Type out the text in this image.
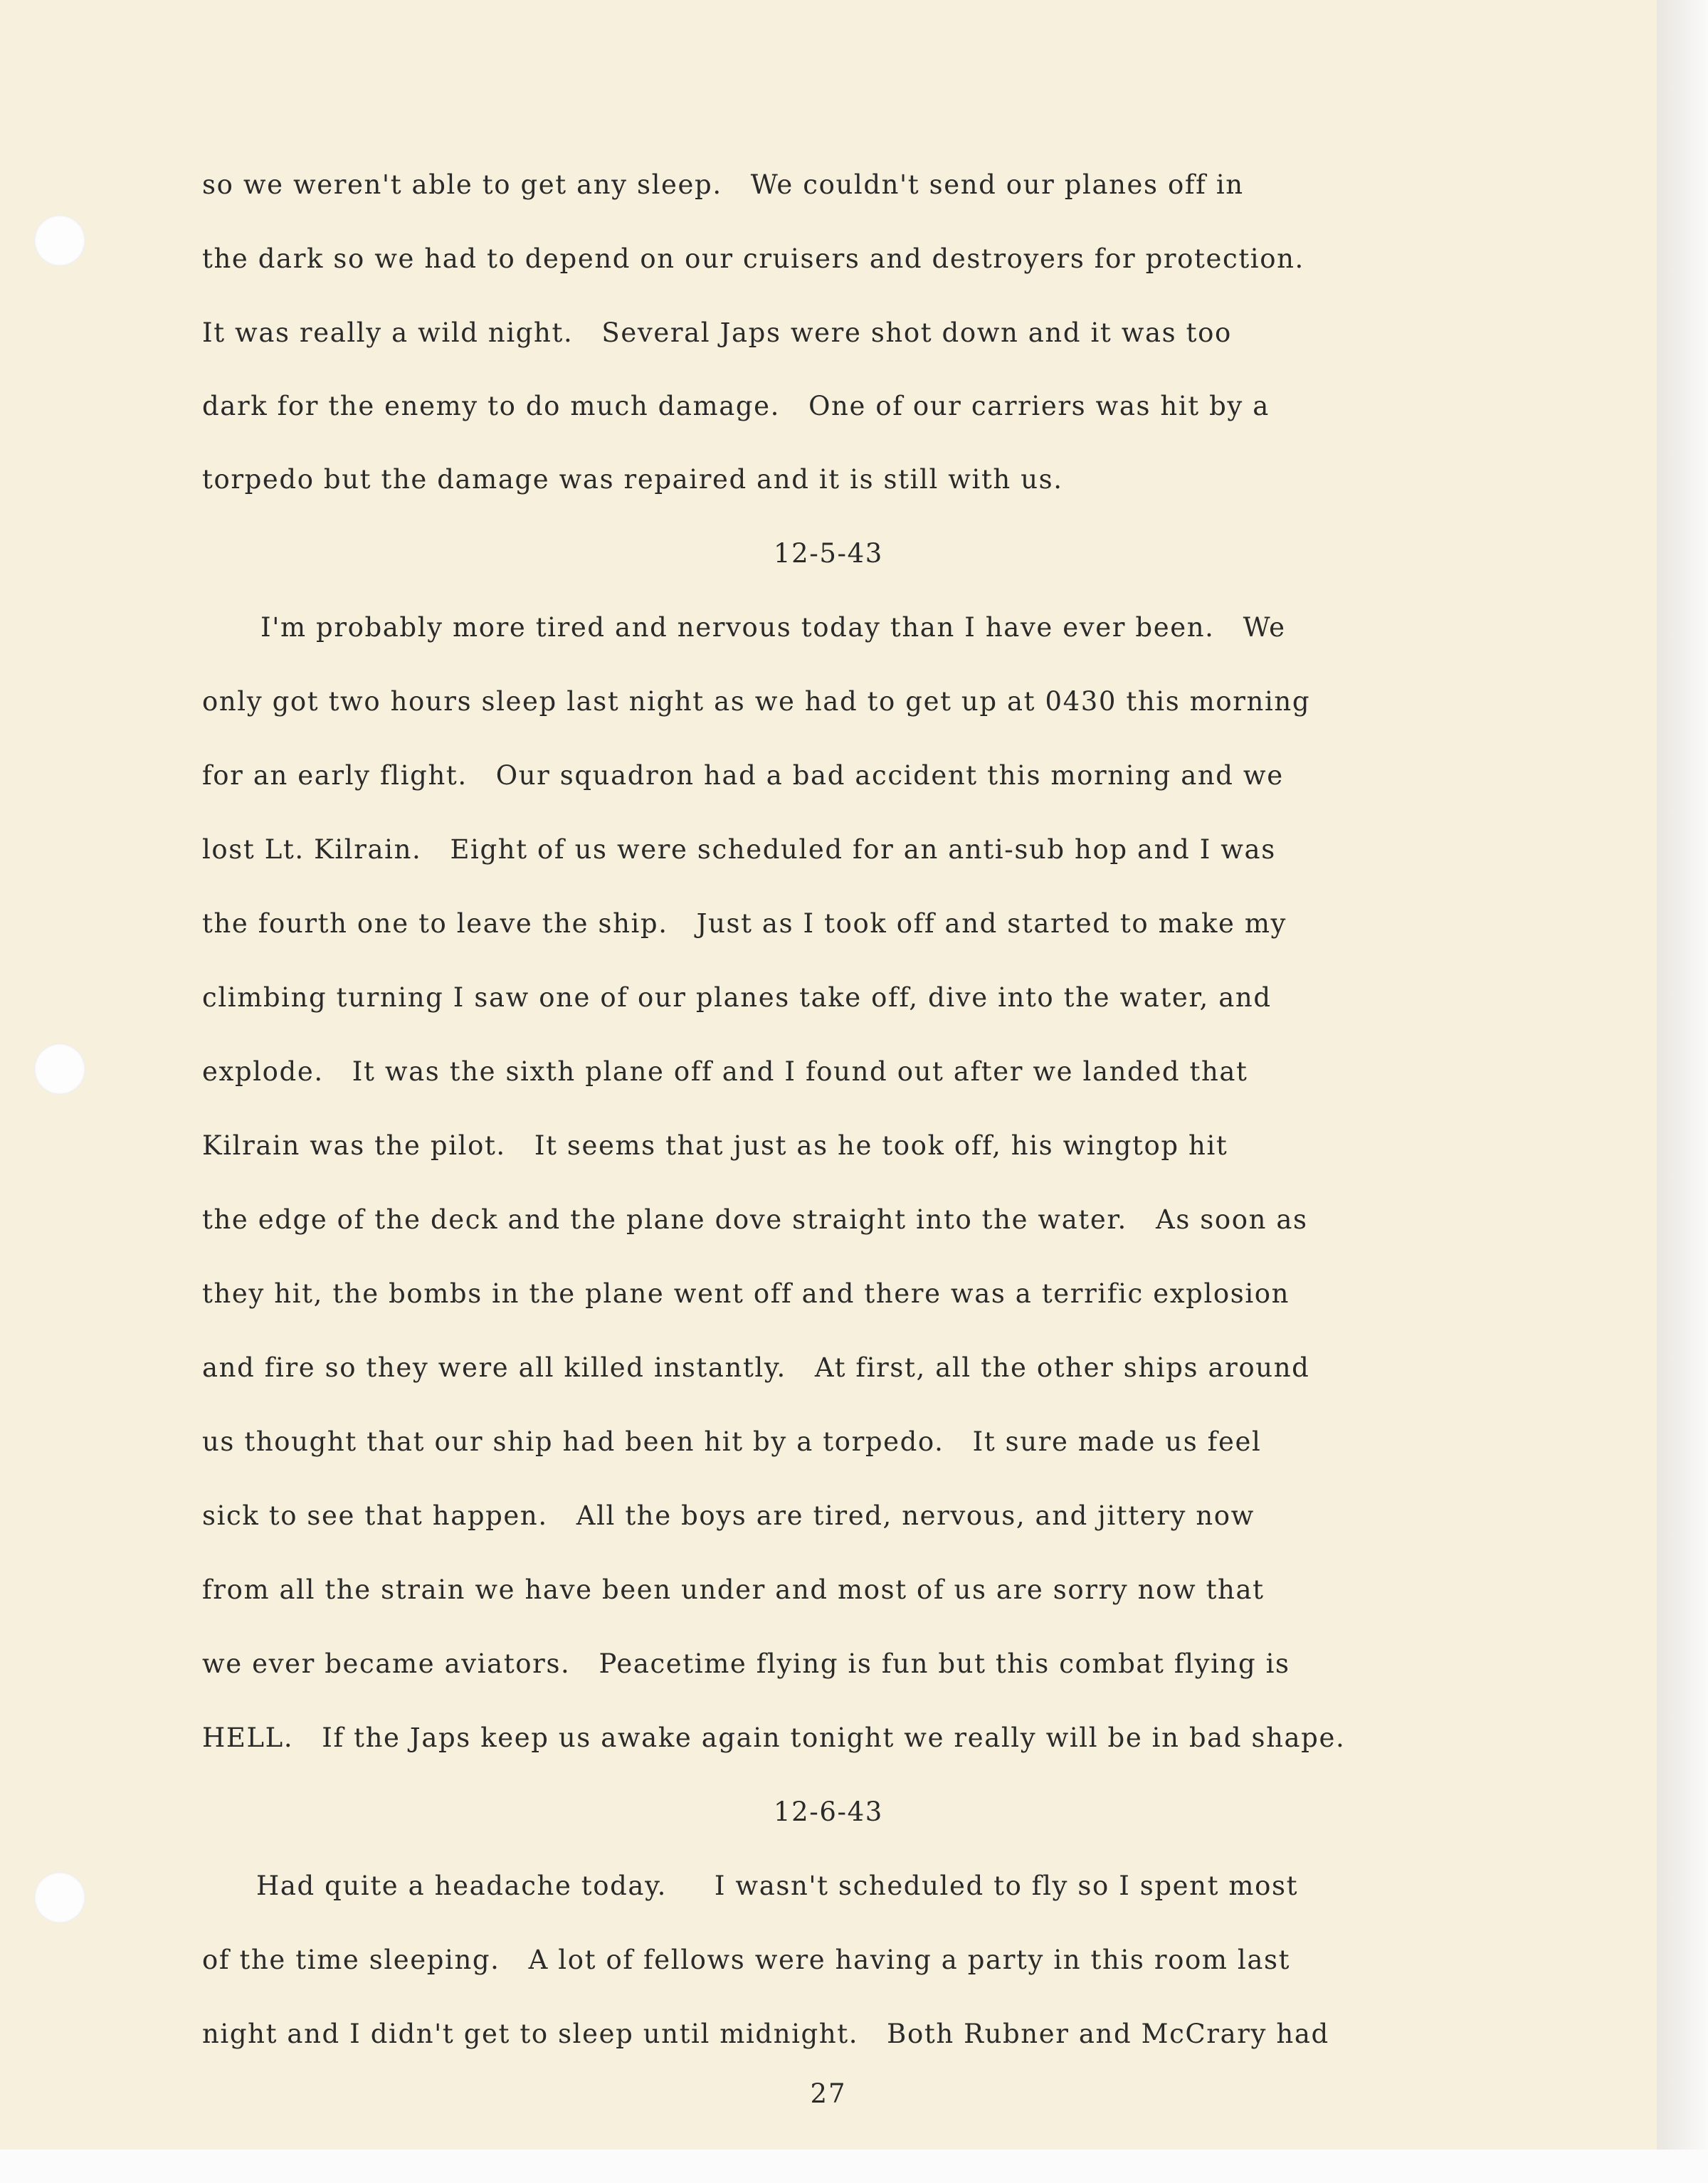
so we weren't able to get any sleep.   We couldn't send our planes off in
the dark so we had to depend on our cruisers and destroyers for protection.
It was really a wild night.   Several Japs were shot down and it was too
dark for the enemy to do much damage.   One of our carriers was hit by a
torpedo but the damage was repaired and it is still with us.
12-5-43
I'm probably more tired and nervous today than I have ever been.   We
only got two hours sleep last night as we had to get up at 0430 this morning
for an early flight.   Our squadron had a bad accident this morning and we
lost Lt. Kilrain.   Eight of us were scheduled for an anti-sub hop and I was
the fourth one to leave the ship.   Just as I took off and started to make my
climbing turning I saw one of our planes take off, dive into the water, and
explode.   It was the sixth plane off and I found out after we landed that
Kilrain was the pilot.   It seems that just as he took off, his wingtop hit
the edge of the deck and the plane dove straight into the water.   As soon as
they hit, the bombs in the plane went off and there was a terrific explosion
and fire so they were all killed instantly.   At first, all the other ships around
us thought that our ship had been hit by a torpedo.   It sure made us feel
sick to see that happen.   All the boys are tired, nervous, and jittery now
from all the strain we have been under and most of us are sorry now that
we ever became aviators.   Peacetime flying is fun but this combat flying is
HELL.   If the Japs keep us awake again tonight we really will be in bad shape.
12-6-43
Had quite a headache today.     I wasn't scheduled to fly so I spent most
of the time sleeping.   A lot of fellows were having a party in this room last
night and I didn't get to sleep until midnight.   Both Rubner and McCrary had
27
